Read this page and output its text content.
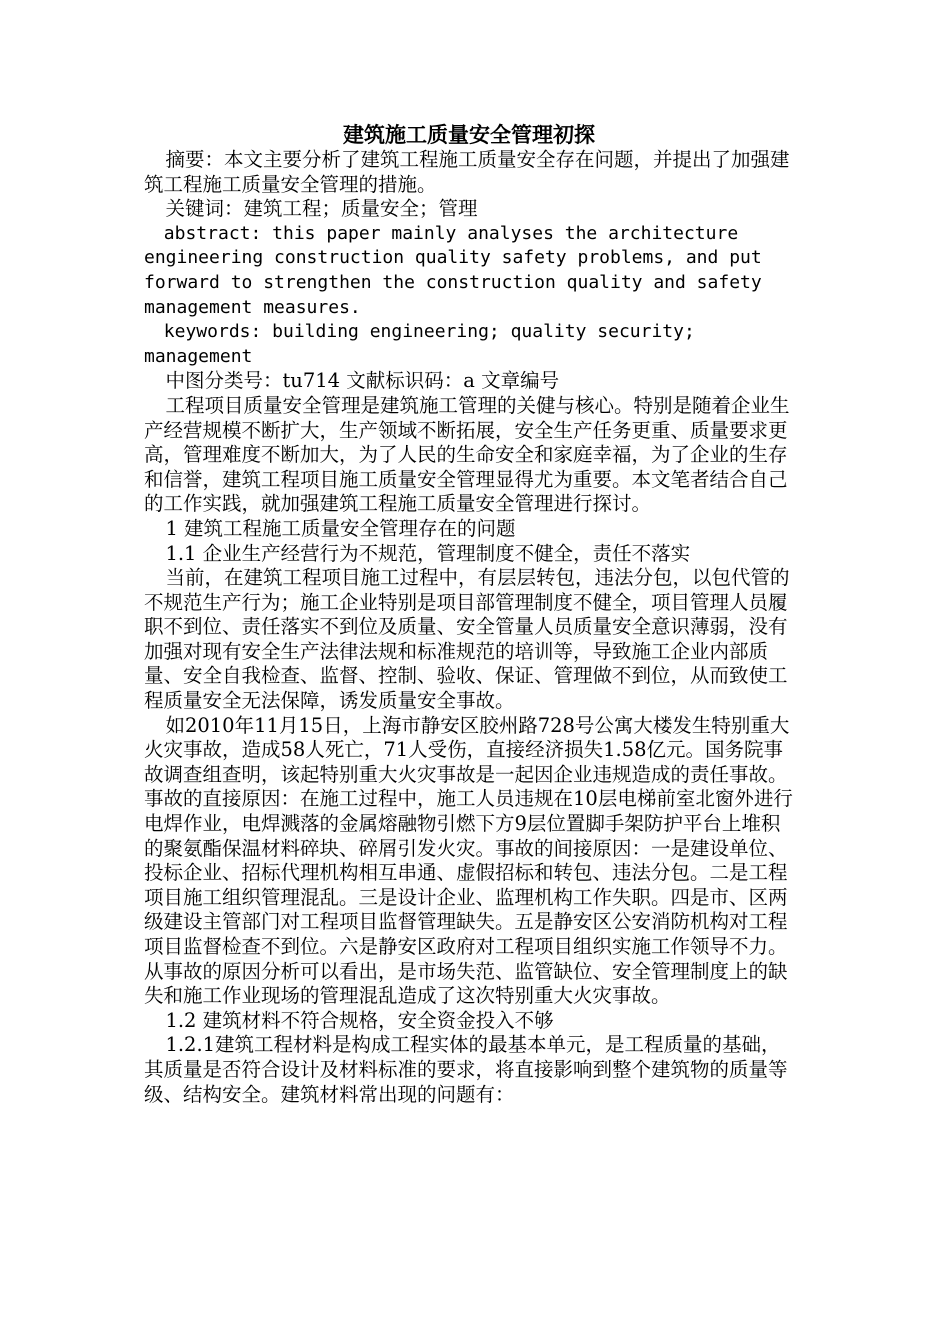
建筑施工质量安全管理初探

摘要：本文主要分析了建筑工程施工质量安全存在问题，并提出了加强建筑工程施工质量安全管理的措施。

关键词：建筑工程；质量安全；管理

abstract: this paper mainly analyses the architecture engineering construction quality safety problems, and put forward to strengthen the construction quality and safety management measures.

keywords: building engineering; quality security; management

中图分类号：tu714 文献标识码：a 文章编号

工程项目质量安全管理是建筑施工管理的关健与核心。特别是随着企业生产经营规模不断扩大，生产领域不断拓展，安全生产任务更重、质量要求更高，管理难度不断加大，为了人民的生命安全和家庭幸福，为了企业的生存和信誉，建筑工程项目施工质量安全管理显得尤为重要。本文笔者结合自己的工作实践，就加强建筑工程施工质量安全管理进行探讨。

1 建筑工程施工质量安全管理存在的问题

1.1 企业生产经营行为不规范，管理制度不健全，责任不落实

当前，在建筑工程项目施工过程中，有层层转包，违法分包，以包代管的不规范生产行为；施工企业特别是项目部管理制度不健全，项目管理人员履职不到位、责任落实不到位及质量、安全管量人员质量安全意识薄弱，没有加强对现有安全生产法律法规和标准规范的培训等，导致施工企业内部质量、安全自我检查、监督、控制、验收、保证、管理做不到位，从而致使工程质量安全无法保障，诱发质量安全事故。

如2010年11月15日，上海市静安区胶州路728号公寓大楼发生特别重大火灾事故，造成58人死亡，71人受伤，直接经济损失1.58亿元。国务院事故调查组查明，该起特别重大火灾事故是一起因企业违规造成的责任事故。事故的直接原因：在施工过程中，施工人员违规在10层电梯前室北窗外进行电焊作业，电焊溅落的金属熔融物引燃下方9层位置脚手架防护平台上堆积的聚氨酯保温材料碎块、碎屑引发火灾。事故的间接原因：一是建设单位、投标企业、招标代理机构相互串通、虚假招标和转包、违法分包。二是工程项目施工组织管理混乱。三是设计企业、监理机构工作失职。四是市、区两级建设主管部门对工程项目监督管理缺失。五是静安区公安消防机构对工程项目监督检查不到位。六是静安区政府对工程项目组织实施工作领导不力。从事故的原因分析可以看出，是市场失范、监管缺位、安全管理制度上的缺失和施工作业现场的管理混乱造成了这次特别重大火灾事故。

1.2 建筑材料不符合规格，安全资金投入不够

1.2.1建筑工程材料是构成工程实体的最基本单元，是工程质量的基础，其质量是否符合设计及材料标准的要求，将直接影响到整个建筑物的质量等级、结构安全。建筑材料常出现的问题有：
